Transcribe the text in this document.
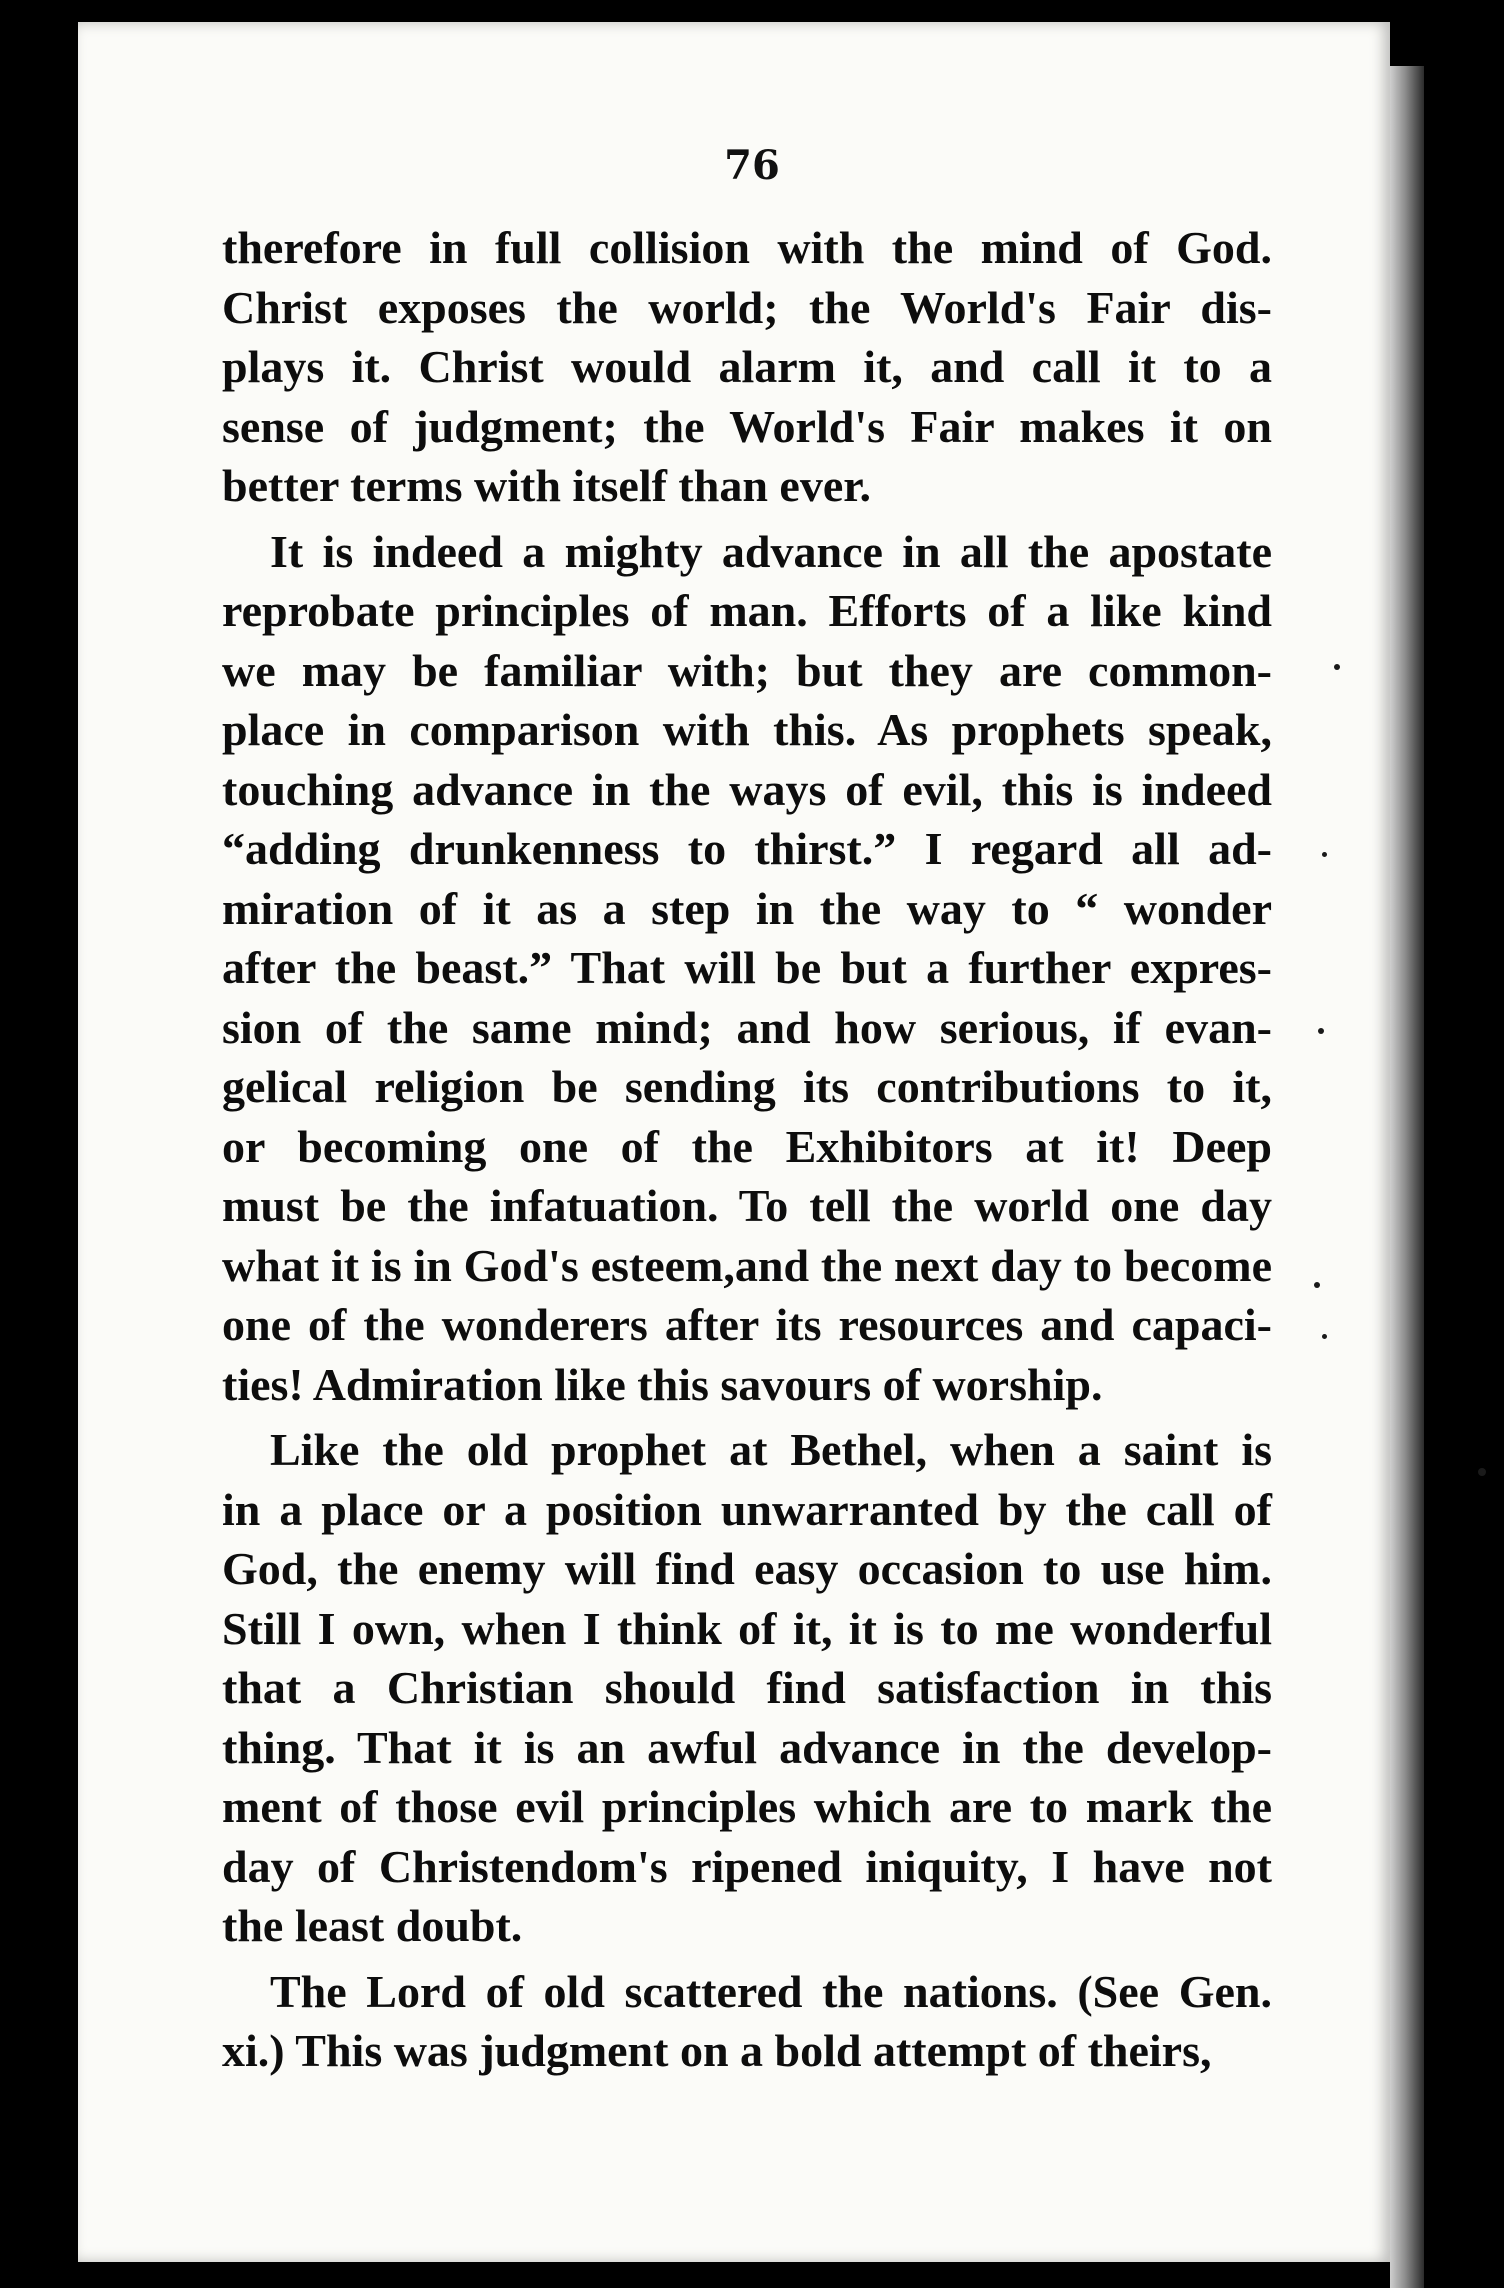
76
therefore in full collision with the mind of God.
Christ exposes the world; the World's Fair dis-
plays it. Christ would alarm it, and call it to a
sense of judgment; the World's Fair makes it on
better terms with itself than ever.
It is indeed a mighty advance in all the apostate
reprobate principles of man. Efforts of a like kind
we may be familiar with; but they are common-
place in comparison with this. As prophets speak,
touching advance in the ways of evil, this is indeed
“adding drunkenness to thirst.” I regard all ad-
miration of it as a step in the way to “ wonder
after the beast.” That will be but a further expres-
sion of the same mind; and how serious, if evan-
gelical religion be sending its contributions to it,
or becoming one of the Exhibitors at it! Deep
must be the infatuation. To tell the world one day
what it is in God's esteem,and the next day to become
one of the wonderers after its resources and capaci-
ties! Admiration like this savours of worship.
Like the old prophet at Bethel, when a saint is
in a place or a position unwarranted by the call of
God, the enemy will find easy occasion to use him.
Still I own, when I think of it, it is to me wonderful
that a Christian should find satisfaction in this
thing. That it is an awful advance in the develop-
ment of those evil principles which are to mark the
day of Christendom's ripened iniquity, I have not
the least doubt.
The Lord of old scattered the nations. (See Gen.
xi.) This was judgment on a bold attempt of theirs,
